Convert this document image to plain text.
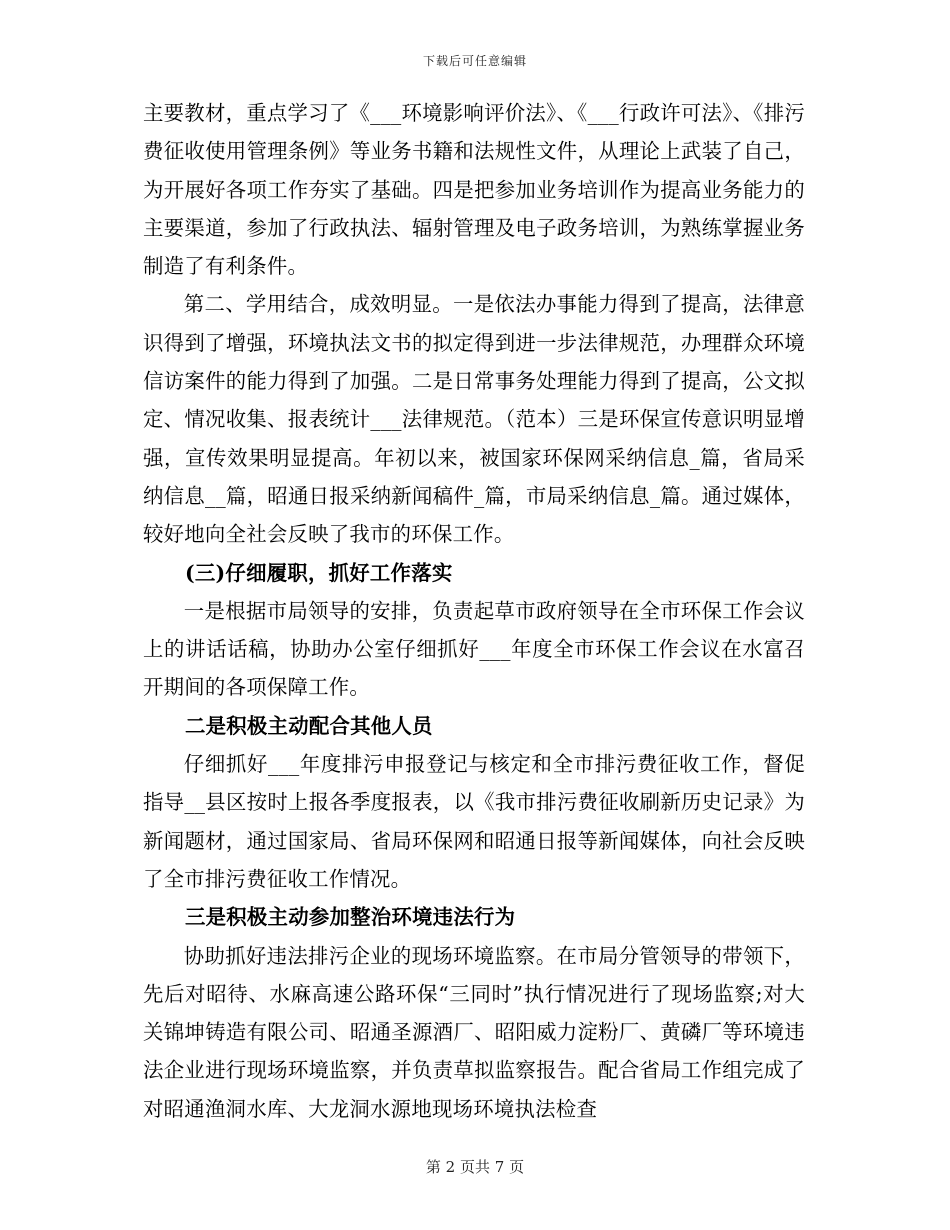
下载后可任意编辑

主要教材，重点学习了《___环境影响评价法》、《___行政许可法》、《排污费征收使用管理条例》等业务书籍和法规性文件，从理论上武装了自己，为开展好各项工作夯实了基础。四是把参加业务培训作为提高业务能力的主要渠道，参加了行政执法、辐射管理及电子政务培训，为熟练掌握业务制造了有利条件。

第二、学用结合，成效明显。一是依法办事能力得到了提高，法律意识得到了增强，环境执法文书的拟定得到进一步法律规范，办理群众环境信访案件的能力得到了加强。二是日常事务处理能力得到了提高，公文拟定、情况收集、报表统计___法律规范。（范本）三是环保宣传意识明显增强，宣传效果明显提高。年初以来，被国家环保网采纳信息_篇，省局采纳信息__篇，昭通日报采纳新闻稿件_篇，市局采纳信息_篇。通过媒体，较好地向全社会反映了我市的环保工作。

(三)仔细履职，抓好工作落实

一是根据市局领导的安排，负责起草市政府领导在全市环保工作会议上的讲话话稿，协助办公室仔细抓好___年度全市环保工作会议在水富召开期间的各项保障工作。

二是积极主动配合其他人员

仔细抓好___年度排污申报登记与核定和全市排污费征收工作，督促指导__县区按时上报各季度报表，以《我市排污费征收刷新历史记录》为新闻题材，通过国家局、省局环保网和昭通日报等新闻媒体，向社会反映了全市排污费征收工作情况。

三是积极主动参加整治环境违法行为

协助抓好违法排污企业的现场环境监察。在市局分管领导的带领下，先后对昭待、水麻高速公路环保“三同时”执行情况进行了现场监察;对大关锦坤铸造有限公司、昭通圣源酒厂、昭阳威力淀粉厂、黄磷厂等环境违法企业进行现场环境监察，并负责草拟监察报告。配合省局工作组完成了对昭通渔洞水库、大龙洞水源地现场环境执法检查

第 2 页共 7 页
